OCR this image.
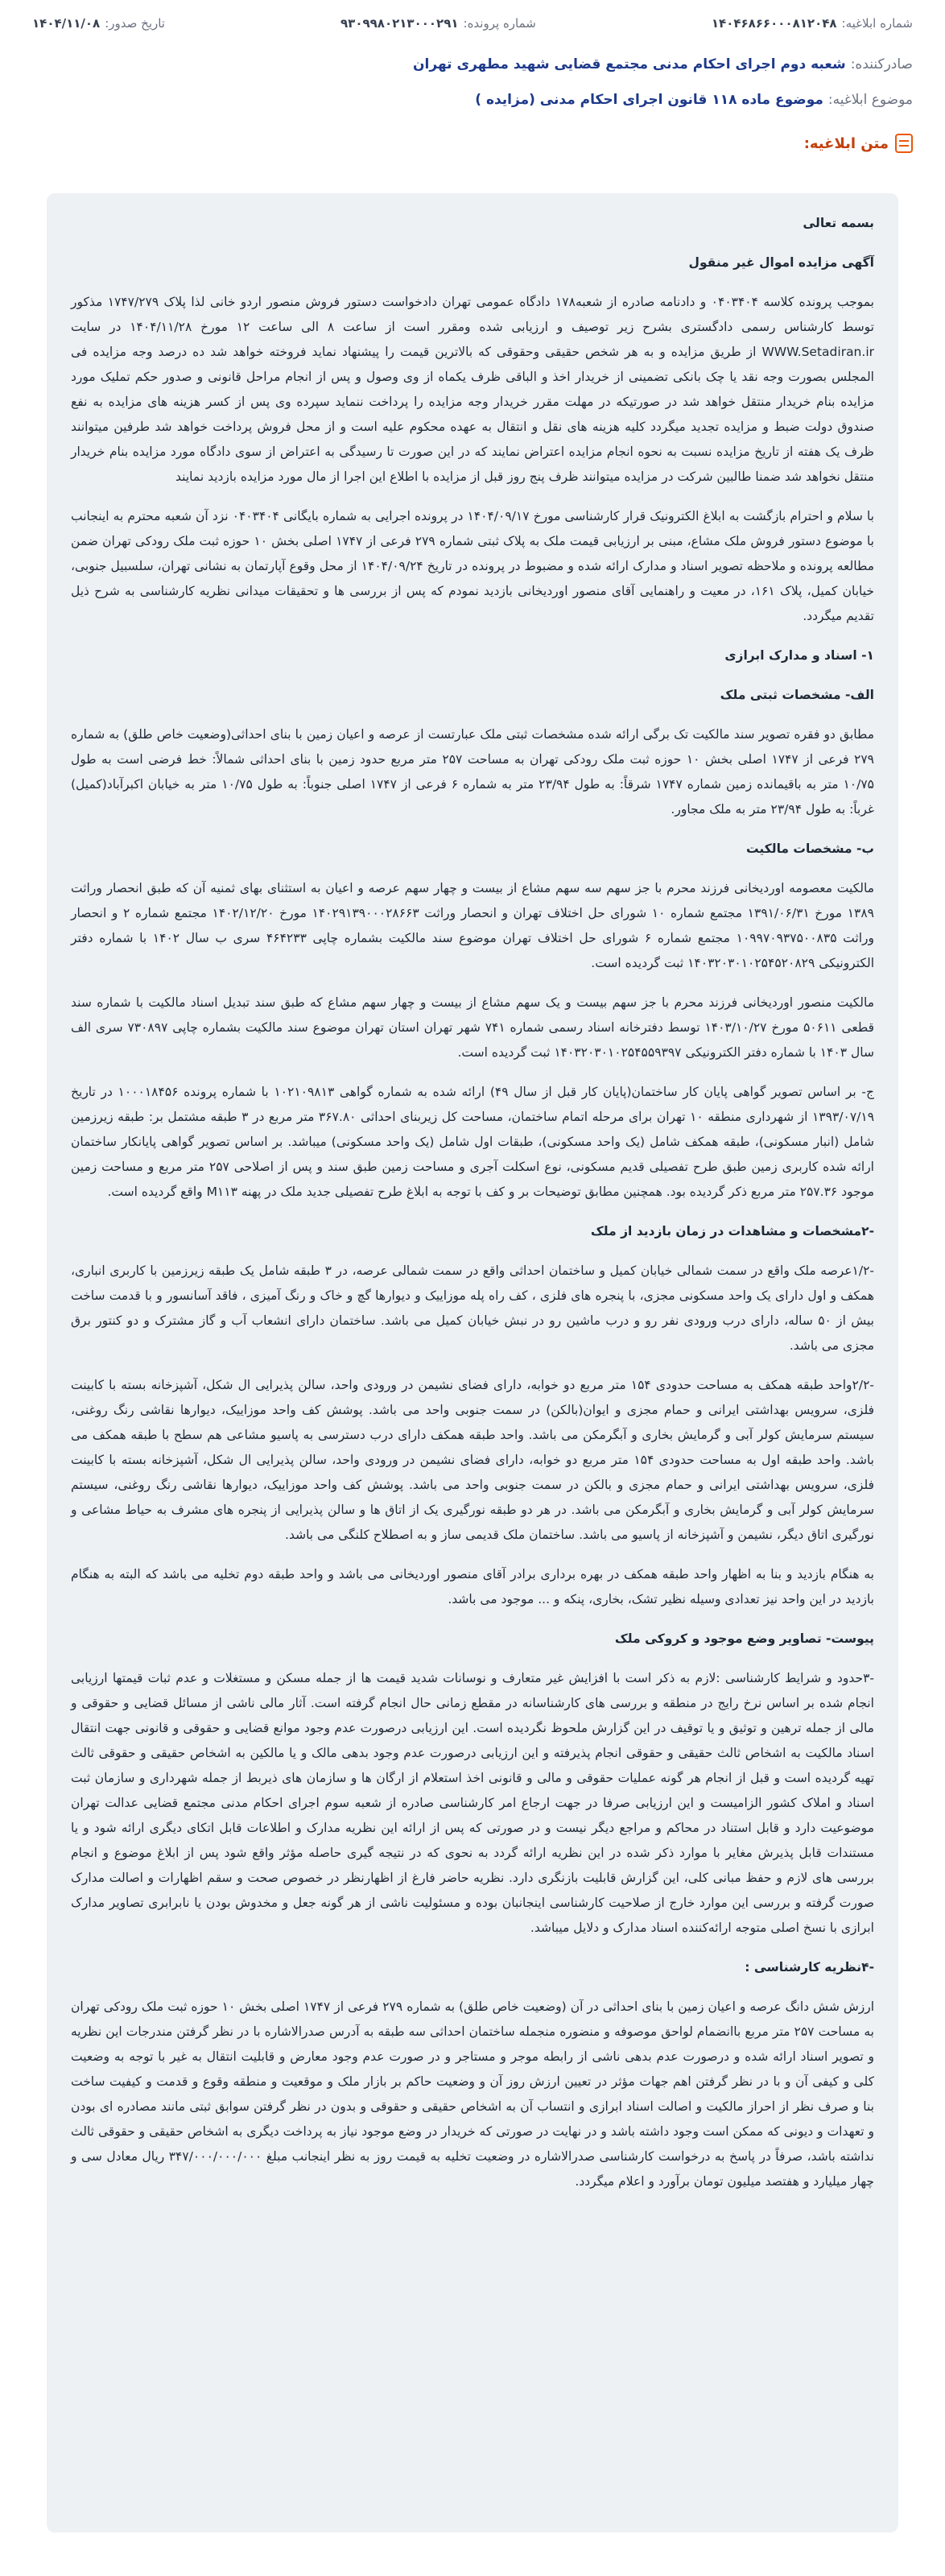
شماره ابلاغیه:
۱۴۰۴۶۸۶۶۰۰۰۸۱۲۰۴۸
شماره پرونده:
۹۳۰۹۹۸۰۲۱۳۰۰۰۲۹۱
تاریخ صدور:
۱۴۰۴/۱۱/۰۸
صادرکننده:
شعبه دوم اجرای احکام مدنی مجتمع قضایی شهید مطهری تهران
موضوع ابلاغیه:
موضوع ماده ۱۱۸ قانون اجرای احکام مدنی (مزایده )
متن ابلاغیه:

بسمه تعالی

آگهی مزایده اموال غیر منقول

بموجب پرونده کلاسه ۰۴۰۳۴۰۴ و دادنامه صادره از شعبه۱۷۸ دادگاه عمومی تهران دادخواست دستور فروش منصور اردو خانی لذا پلاک ۱۷۴۷/۲۷۹ مذکور توسط کارشناس رسمی دادگستری بشرح زیر توصیف و ارزیابی شده ومقرر است از ساعت ۸ الی ساعت ۱۲ مورخ ۱۴۰۴/۱۱/۲۸ در سایت WWW.Setadiran.ir از طریق مزایده و به هر شخص حقیقی وحقوقی که بالاترین قیمت را پیشنهاد نماید فروخته خواهد شد ده درصد وجه مزایده فی المجلس بصورت وجه نقد یا چک بانکی تضمینی از خریدار اخذ و الباقی ظرف یکماه از وی وصول و پس از انجام مراحل قانونی و صدور حکم تملیک مورد مزایده بنام خریدار منتقل خواهد شد در صورتیکه در مهلت مقرر خریدار وجه مزایده را پرداخت ننماید سپرده وی پس از کسر هزینه های مزایده به نفع صندوق دولت ضبط و مزایده تجدید میگردد کلیه هزینه های نقل و انتقال به عهده محکوم علیه است و از محل فروش پرداخت خواهد شد طرفین میتوانند ظرف یک هفته از تاریخ مزایده نسبت به نحوه انجام مزایده اعتراض نمایند که در این صورت تا رسیدگی به اعتراض از سوی دادگاه مورد مزایده بنام خریدار منتقل نخواهد شد ضمنا طالبین شرکت در مزایده میتوانند ظرف پنج روز قبل از مزایده با اطلاع این اجرا از مال مورد مزایده بازدید نمایند

با سلام و احترام بازگشت به ابلاغ الکترونیک قرار کارشناسی مورخ ۱۴۰۴/۰۹/۱۷ در پرونده اجرایی به شماره بایگانی ۰۴۰۳۴۰۴ نزد آن شعبه محترم به اینجانب با موضوع دستور فروش ملک مشاع، مبنی بر ارزیابی قیمت ملک به پلاک ثبتی شماره ۲۷۹ فرعی از ۱۷۴۷ اصلی بخش ۱۰ حوزه ثبت ملک رودکی تهران ضمن مطالعه پرونده و ملاحظه تصویر اسناد و مدارک ارائه شده و مضبوط در پرونده در تاریخ ۱۴۰۴/۰۹/۲۴ از محل وقوع آپارتمان به نشانی تهران، سلسبیل جنوبی، خیابان کمیل، پلاک ۱۶۱، در معیت و راهنمایی آقای منصور اوردیخانی بازدید نمودم که پس از بررسی ها و تحقیقات میدانی نظریه کارشناسی به شرح ذیل تقدیم میگردد.

۱- اسناد و مدارک ابرازی

الف- مشخصات ثبتی ملک

مطابق دو فقره تصویر سند مالکیت تک برگی ارائه شده مشخصات ثبتی ملک عبارتست از عرصه و اعیان زمین با بنای احداثی(وضعیت خاص طلق) به شماره ۲۷۹ فرعی از ۱۷۴۷ اصلی بخش ۱۰ حوزه ثبت ملک رودکی تهران به مساحت ۲۵۷ متر مربع حدود زمین با بنای احداثی شمالاً: خط فرضی است به طول ۱۰/۷۵ متر به باقیمانده زمین شماره ۱۷۴۷ شرقاً: به طول ۲۳/۹۴ متر به شماره ۶ فرعی از ۱۷۴۷ اصلی جنوباً: به طول ۱۰/۷۵ متر به خیابان اکبرآباد(کمیل) غرباً: به طول ۲۳/۹۴ متر به ملک مجاور.

ب- مشخصات مالکیت

مالکیت معصومه اوردیخانی فرزند محرم با جز سهم سه سهم مشاع از بیست و چهار سهم عرصه و اعیان به استثنای بهای ثمنیه آن که طبق انحصار وراثت ۱۳۸۹ مورخ ۱۳۹۱/۰۶/۳۱ مجتمع شماره ۱۰ شورای حل اختلاف تهران و انحصار وراثت ۱۴۰۲۹۱۳۹۰۰۰۲۸۶۶۳ مورخ ۱۴۰۲/۱۲/۲۰ مجتمع شماره ۲ و انحصار وراثت ۱۰۹۹۷۰۹۳۷۵۰۰۸۳۵ مجتمع شماره ۶ شورای حل اختلاف تهران موضوع سند مالکیت بشماره چاپی ۴۶۴۲۳۳ سری ب سال ۱۴۰۲ با شماره دفتر الکترونیکی ۱۴۰۳۲۰۳۰۱۰۲۵۴۵۲۰۸۲۹ ثبت گردیده است.

مالکیت منصور اوردیخانی فرزند محرم با جز سهم بیست و یک سهم مشاع از بیست و چهار سهم مشاع که طبق سند تبدیل اسناد مالکیت با شماره سند قطعی ۵۰۶۱۱ مورخ ۱۴۰۳/۱۰/۲۷ توسط دفترخانه اسناد رسمی شماره ۷۴۱ شهر تهران استان تهران موضوع سند مالکیت بشماره چاپی ۷۳۰۸۹۷ سری الف سال ۱۴۰۳ با شماره دفتر الکترونیکی ۱۴۰۳۲۰۳۰۱۰۲۵۴۵۵۹۳۹۷ ثبت گردیده است.

ج- بر اساس تصویر گواهی پایان کار ساختمان(پایان کار قبل از سال ۴۹) ارائه شده به شماره گواهی ۱۰۲۱۰۹۸۱۳ با شماره پرونده ۱۰۰۰۱۸۴۵۶ در تاریخ ۱۳۹۳/۰۷/۱۹ از شهرداری منطقه ۱۰ تهران برای مرحله اتمام ساختمان، مساحت کل زیربنای احداثی ۳۶۷.۸۰ متر مربع در ۳ طبقه مشتمل بر: طبقه زیرزمین شامل (انبار مسکونی)، طبقه همکف شامل (یک واحد مسکونی)، طبقات اول شامل (یک واحد مسکونی) میباشد. بر اساس تصویر گواهی پایانکار ساختمان ارائه شده کاربری زمین طبق طرح تفصیلی قدیم مسکونی، نوع اسکلت آجری و مساحت زمین طبق سند و پس از اصلاحی ۲۵۷ متر مربع و مساحت زمین موجود ۲۵۷.۳۶ متر مربع ذکر گردیده بود. همچنین مطابق توضیحات بر و کف با توجه به ابلاغ طرح تفصیلی جدید ملک در پهنه M۱۱۳ واقع گردیده است.

-۲مشخصات و مشاهدات در زمان بازدید از ملک

-۱/۲عرصه ملک واقع در سمت شمالی خیابان کمیل و ساختمان احداثی واقع در سمت شمالی عرصه، در ۳ طبقه شامل یک طبقه زیرزمین با کاربری انباری، همکف و اول دارای یک واحد مسکونی مجزی، با پنجره های فلزی ، کف راه پله موزاییک و دیوارها گچ و خاک و رنگ آمیزی ، فاقد آسانسور و با قدمت ساخت بیش از ۵۰ ساله، دارای درب ورودی نفر رو و درب ماشین رو در نبش خیابان کمیل می باشد. ساختمان دارای انشعاب آب و گاز مشترک و دو کنتور برق مجزی می باشد.

-۲/۲واحد طبقه همکف به مساحت حدودی ۱۵۴ متر مربع دو خوابه، دارای فضای نشیمن در ورودی واحد، سالن پذیرایی ال شکل، آشپزخانه بسته با کابینت فلزی، سرویس بهداشتی ایرانی و حمام مجزی و ایوان(بالکن) در سمت جنوبی واحد می باشد. پوشش کف واحد موزاییک، دیوارها نقاشی رنگ روغنی، سیستم سرمایش کولر آبی و گرمایش بخاری و آبگرمکن می باشد. واحد طبقه همکف دارای درب دسترسی به پاسیو مشاعی هم سطح با طبقه همکف می باشد. واحد طبقه اول به مساحت حدودی ۱۵۴ متر مربع دو خوابه، دارای فضای نشیمن در ورودی واحد، سالن پذیرایی ال شکل، آشپزخانه بسته با کابینت فلزی، سرویس بهداشتی ایرانی و حمام مجزی و بالکن در سمت جنوبی واحد می باشد. پوشش کف واحد موزاییک، دیوارها نقاشی رنگ روغنی، سیستم سرمایش کولر آبی و گرمایش بخاری و آبگرمکن می باشد. در هر دو طبقه نورگیری یک از اتاق ها و سالن پذیرایی از پنجره های مشرف به حیاط مشاعی و نورگیری اتاق دیگر، نشیمن و آشپزخانه از پاسیو می باشد. ساختمان ملک قدیمی ساز و به اصطلاح کلنگی می باشد.

به هنگام بازدید و بنا به اظهار واحد طبقه همکف در بهره برداری برادر آقای منصور اوردیخانی می باشد و واحد طبقه دوم تخلیه می باشد که البته به هنگام بازدید در این واحد نیز تعدادی وسیله نظیر تشک، بخاری، پنکه و ... موجود می باشد.

پیوست- تصاویر وضع موجود و کروکی ملک

-۳حدود و شرایط کارشناسی :لازم به ذکر است با افزایش غیر متعارف و نوسانات شدید قیمت ها از جمله مسکن و مستغلات و عدم ثبات قیمتها ارزیابی انجام شده بر اساس نرخ رایج در منطقه و بررسی های کارشناسانه در مقطع زمانی حال انجام گرفته است. آثار مالی ناشی از مسائل قضایی و حقوقی و مالی از جمله ترهین و توثیق و یا توقیف در این گزارش ملحوظ نگردیده است. این ارزیابی درصورت عدم وجود موانع قضایی و حقوقی و قانونی جهت انتقال اسناد مالکیت به اشخاص ثالث حقیقی و حقوقی انجام پذیرفته و این ارزیابی درصورت عدم وجود بدهی مالک و یا مالکین به اشخاص حقیقی و حقوقی ثالث تهیه گردیده است و قبل از انجام هر گونه عملیات حقوقی و مالی و قانونی اخذ استعلام از ارگان ها و سازمان های ذیربط از جمله شهرداری و سازمان ثبت اسناد و املاک کشور الزامیست و این ارزیابی صرفا در جهت ارجاع امر کارشناسی صادره از شعبه سوم اجرای احکام مدنی مجتمع قضایی عدالت تهران موضوعیت دارد و قابل استناد در محاکم و مراجع دیگر نیست و در صورتی که پس از ارائه این نظریه مدارک و اطلاعات قابل اتکای دیگری ارائه شود و یا مستندات قابل پذیرش مغایر با موارد ذکر شده در این نظریه ارائه گردد به نحوی که در نتیجه گیری حاصله مؤثر واقع شود پس از ابلاغ موضوع و انجام بررسی های لازم و حفظ مبانی کلی، این گزارش قابلیت بازنگری دارد. نظریه حاضر فارغ از اظهارنظر در خصوص صحت و سقم اظهارات و اصالت مدارک صورت گرفته و بررسی این موارد خارج از صلاحیت کارشناسی اینجانبان بوده و مسئولیت ناشی از هر گونه جعل و مخدوش بودن یا نابرابری تصاویر مدارک ابرازی با نسخ اصلی متوجه ارائه‌کننده اسناد مدارک و دلایل میباشد.

-۴نظریه کارشناسی :

ارزش شش دانگ عرصه و اعیان زمین با بنای احداثی در آن (وضعیت خاص طلق) به شماره ۲۷۹ فرعی از ۱۷۴۷ اصلی بخش ۱۰ حوزه ثبت ملک رودکی تهران به مساحت ۲۵۷ متر مربع باانضمام لواحق موصوفه و منضوره منجمله ساختمان احداثی سه طبقه به آدرس صدرالاشاره با در نظر گرفتن مندرجات این نظریه و تصویر اسناد ارائه شده و درصورت عدم بدهی ناشی از رابطه موجر و مستاجر و در صورت عدم وجود معارض و قابلیت انتقال به غیر با توجه به وضعیت کلی و کیفی آن و با در نظر گرفتن اهم جهات مؤثر در تعیین ارزش روز آن و وضعیت حاکم بر بازار ملک و موقعیت و منطقه وقوع و قدمت و کیفیت ساخت بنا و صرف نظر از احراز مالکیت و اصالت اسناد ابرازی و انتساب آن به اشخاص حقیقی و حقوقی و بدون در نظر گرفتن سوابق ثبتی مانند مصادره ای بودن و تعهدات و دیونی که ممکن است وجود داشته باشد و در نهایت در صورتی که خریدار در وضع موجود نیاز به پرداخت دیگری به اشخاص حقیقی و حقوقی ثالث نداشته باشد، صرفاً در پاسخ به درخواست کارشناسی صدرالاشاره در وضعیت تخلیه به قیمت روز به نظر اینجانب مبلغ ۳۴۷/۰۰۰/۰۰۰/۰۰۰ ریال معادل سی و چهار میلیارد و هفتصد میلیون تومان برآورد و اعلام میگردد.
